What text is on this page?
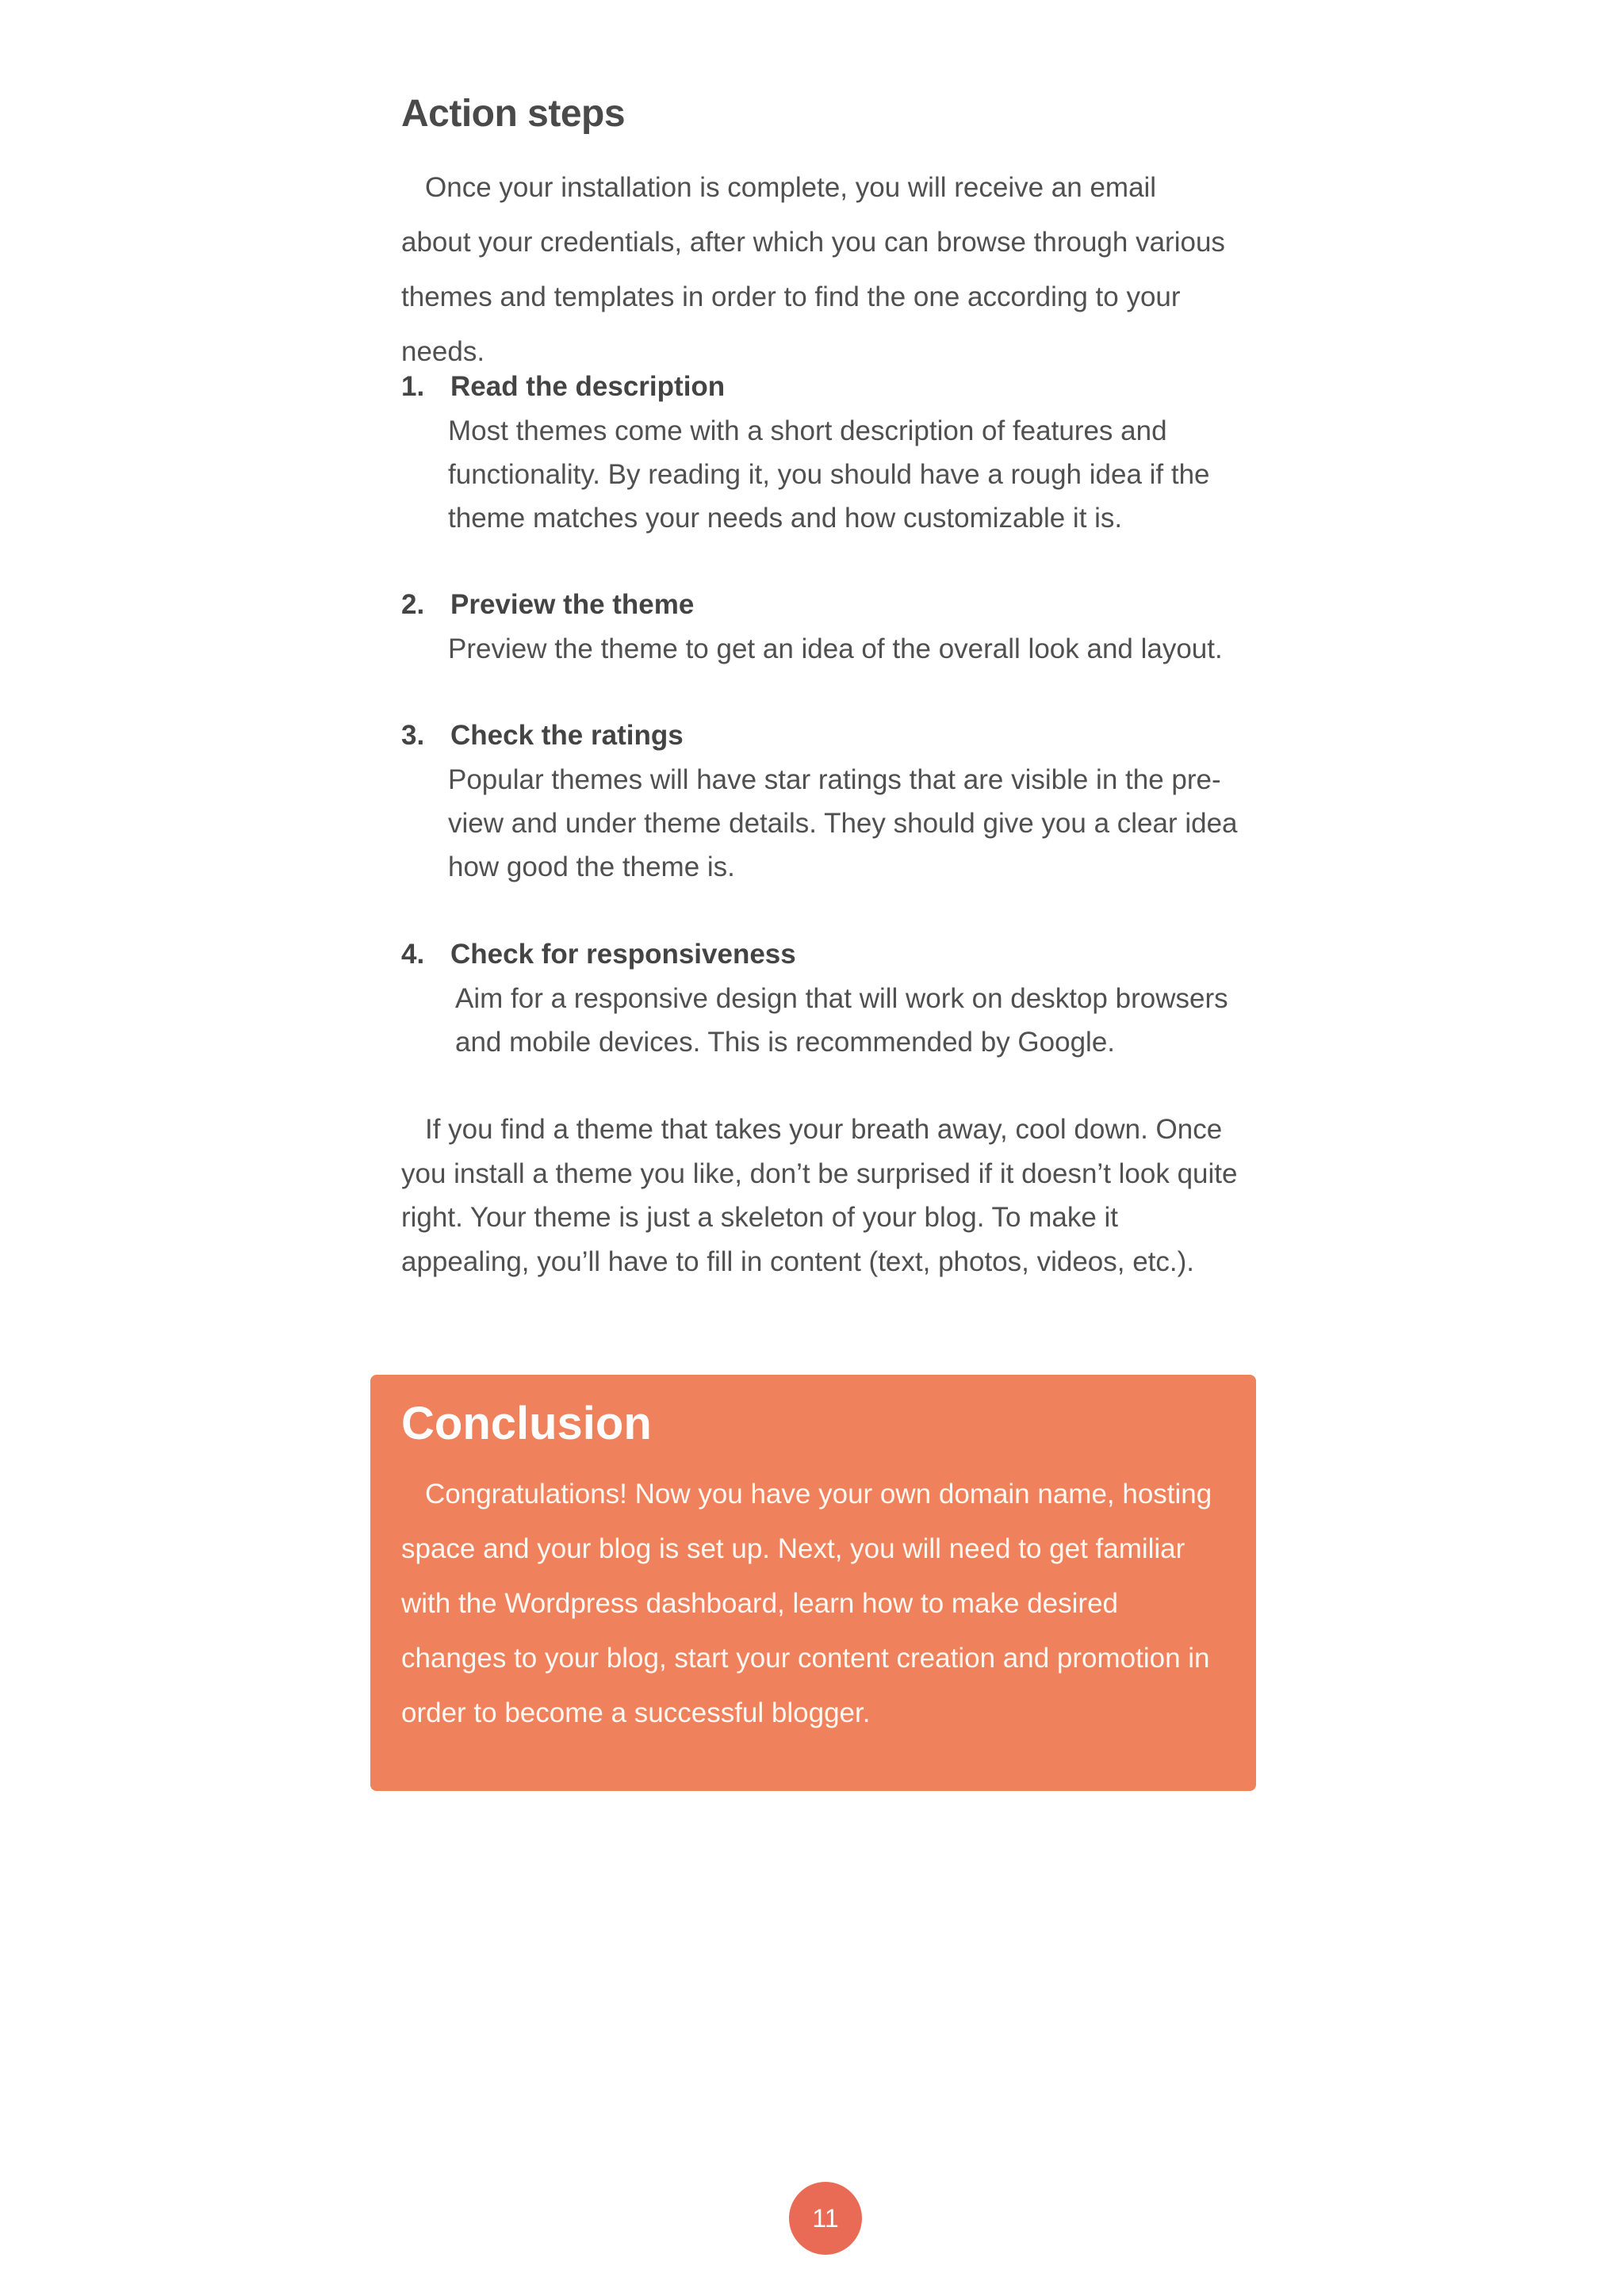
Action steps

Once your installation is complete, you will receive an email about your credentials, after which you can browse through various themes and templates in order to find the one according to your needs.

1. Read the description
Most themes come with a short description of features and functionality. By reading it, you should have a rough idea if the theme matches your needs and how customizable it is.
2. Preview the theme
Preview the theme to get an idea of the overall look and layout.
3. Check the ratings
Popular themes will have star ratings that are visible in the pre-view and under theme details. They should give you a clear idea how good the theme is.
4. Check for responsiveness
Aim for a responsive design that will work on desktop browsers and mobile devices. This is recommended by Google.

If you find a theme that takes your breath away, cool down. Once you install a theme you like, don’t be surprised if it doesn’t look quite right. Your theme is just a skeleton of your blog. To make it appealing, you’ll have to fill in content (text, photos, videos, etc.).

Conclusion

Congratulations! Now you have your own domain name, hosting space and your blog is set up. Next, you will need to get familiar with the Wordpress dashboard, learn how to make desired changes to your blog, start your content creation and promotion in order to become a successful blogger.

11
